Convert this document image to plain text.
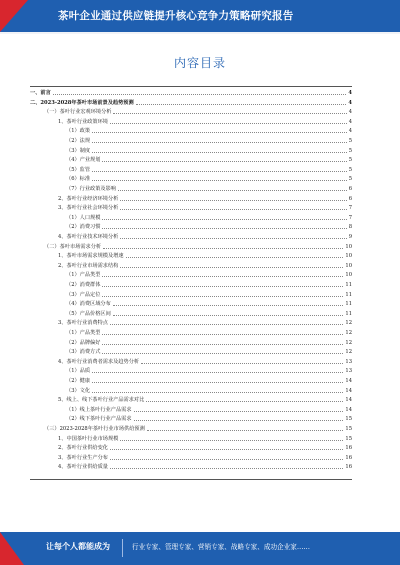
茶叶企业通过供应链提升核心竞争力策略研究报告
内容目录
一、前言	4
二、2023-2028年茶叶市场前景及趋势预测	4
（一）茶叶行业宏观环境分析	4
1、茶叶行业政策环境	4
（1）政策	4
（2）法规	5
（3）制度	5
（4）产业规划	5
（5）监管	5
（6）标准	5
（7）行业政策及影响	6
2、茶叶行业经济环境分析	6
3、茶叶行业社会环境分析	7
（1）人口规模	7
（2）消费习惯	8
4、茶叶行业技术环境分析	9
（二）茶叶市场需求分析	10
1、茶叶市场需求规模及增速	10
2、茶叶行业市场需求结构	10
（1）产品类型	10
（2）消费群体	11
（3）产品定位	11
（4）消费区域分布	11
（5）产品价格区间	11
3、茶叶行业消费特点	12
（1）产品类型	12
（2）品牌偏好	12
（3）消费方式	12
4、茶叶行业消费者需求及趋势分析	13
（1）品质	13
（2）健康	14
（3）文化	14
5、线上、线下茶叶行业产品需求对比	14
（1）线上茶叶行业产品需求	14
（2）线下茶叶行业产品需求	15
（三）2023-2028年茶叶行业市场供给预测	15
1、中国茶叶行业市场规模	15
2、茶叶行业供给变化	16
3、茶叶行业生产分布	16
4、茶叶行业供给质量	16
让每个人都能成为	行业专家、管理专家、营销专家、战略专家、成功企业家……
